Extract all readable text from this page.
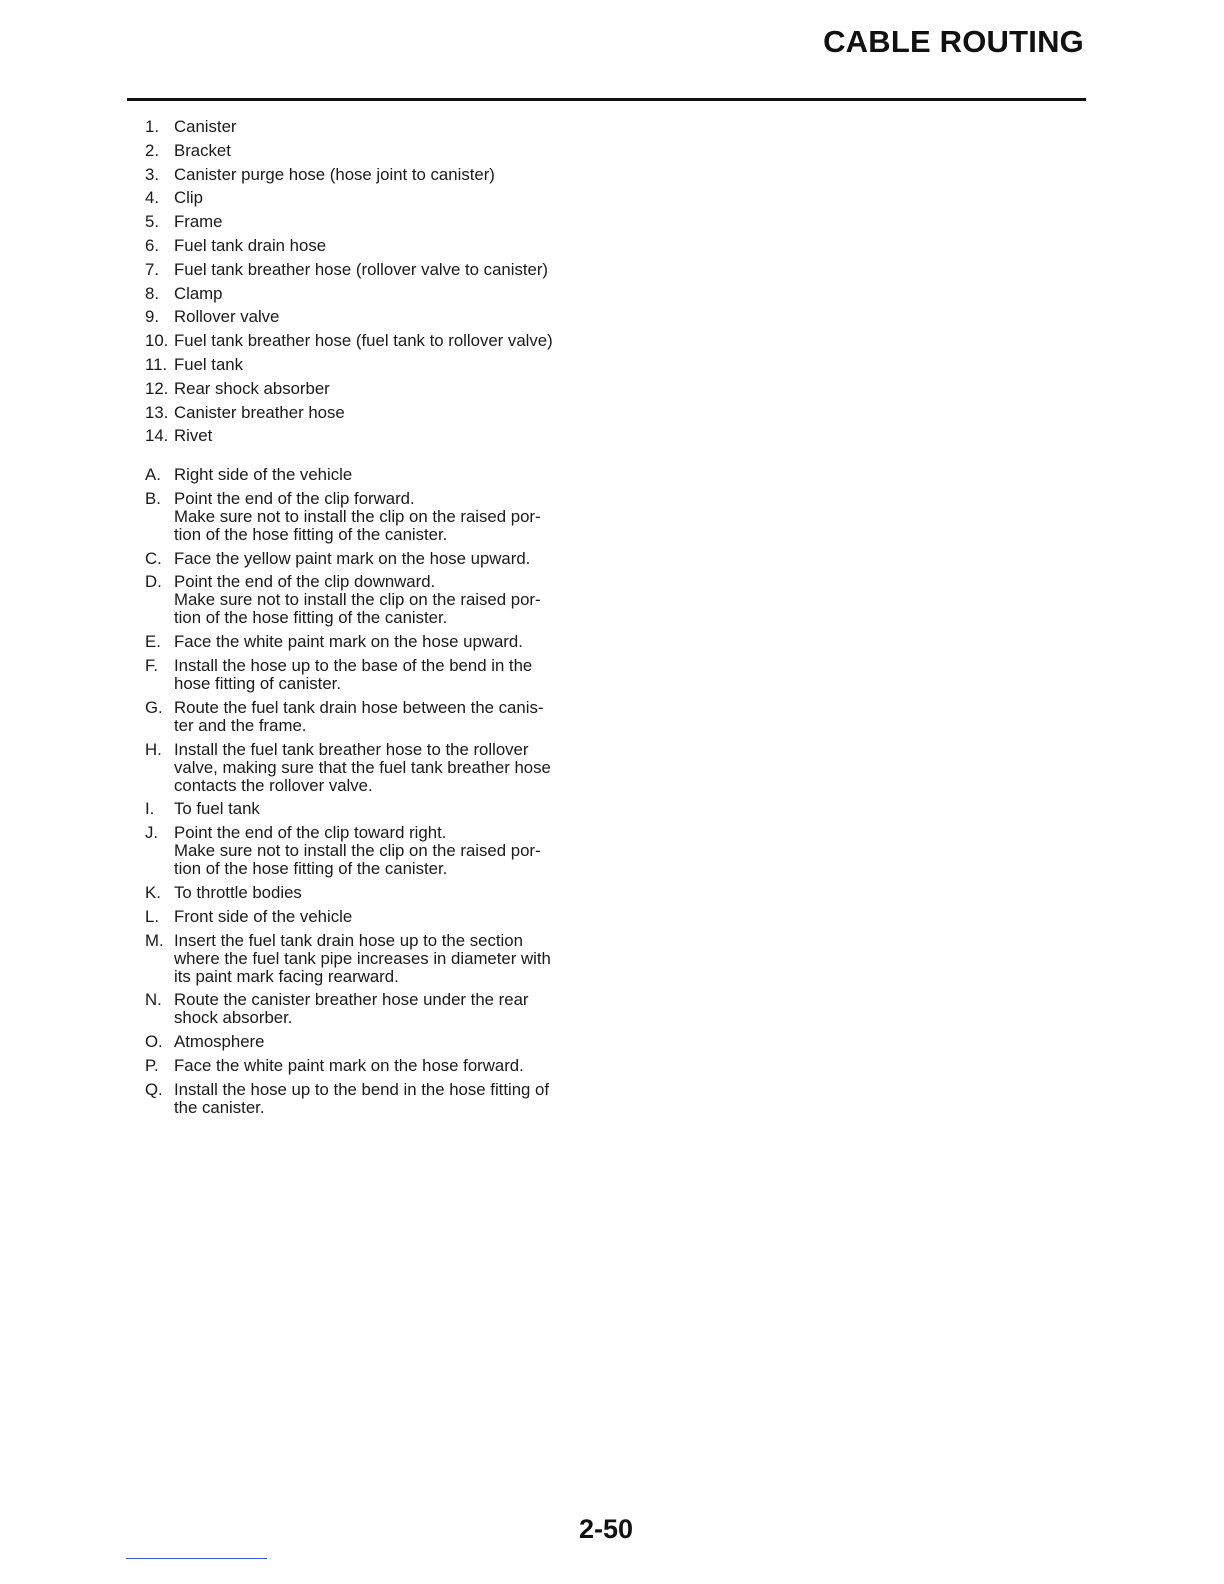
CABLE ROUTING
1. Canister
2. Bracket
3. Canister purge hose (hose joint to canister)
4. Clip
5. Frame
6. Fuel tank drain hose
7. Fuel tank breather hose (rollover valve to canister)
8. Clamp
9. Rollover valve
10. Fuel tank breather hose (fuel tank to rollover valve)
11. Fuel tank
12. Rear shock absorber
13. Canister breather hose
14. Rivet
A. Right side of the vehicle
B. Point the end of the clip forward.
Make sure not to install the clip on the raised por-
tion of the hose fitting of the canister.
C. Face the yellow paint mark on the hose upward.
D. Point the end of the clip downward.
Make sure not to install the clip on the raised por-
tion of the hose fitting of the canister.
E. Face the white paint mark on the hose upward.
F. Install the hose up to the base of the bend in the
hose fitting of canister.
G. Route the fuel tank drain hose between the canis-
ter and the frame.
H. Install the fuel tank breather hose to the rollover
valve, making sure that the fuel tank breather hose
contacts the rollover valve.
I. To fuel tank
J. Point the end of the clip toward right.
Make sure not to install the clip on the raised por-
tion of the hose fitting of the canister.
K. To throttle bodies
L. Front side of the vehicle
M. Insert the fuel tank drain hose up to the section
where the fuel tank pipe increases in diameter with
its paint mark facing rearward.
N. Route the canister breather hose under the rear
shock absorber.
O. Atmosphere
P. Face the white paint mark on the hose forward.
Q. Install the hose up to the bend in the hose fitting of
the canister.
2-50
